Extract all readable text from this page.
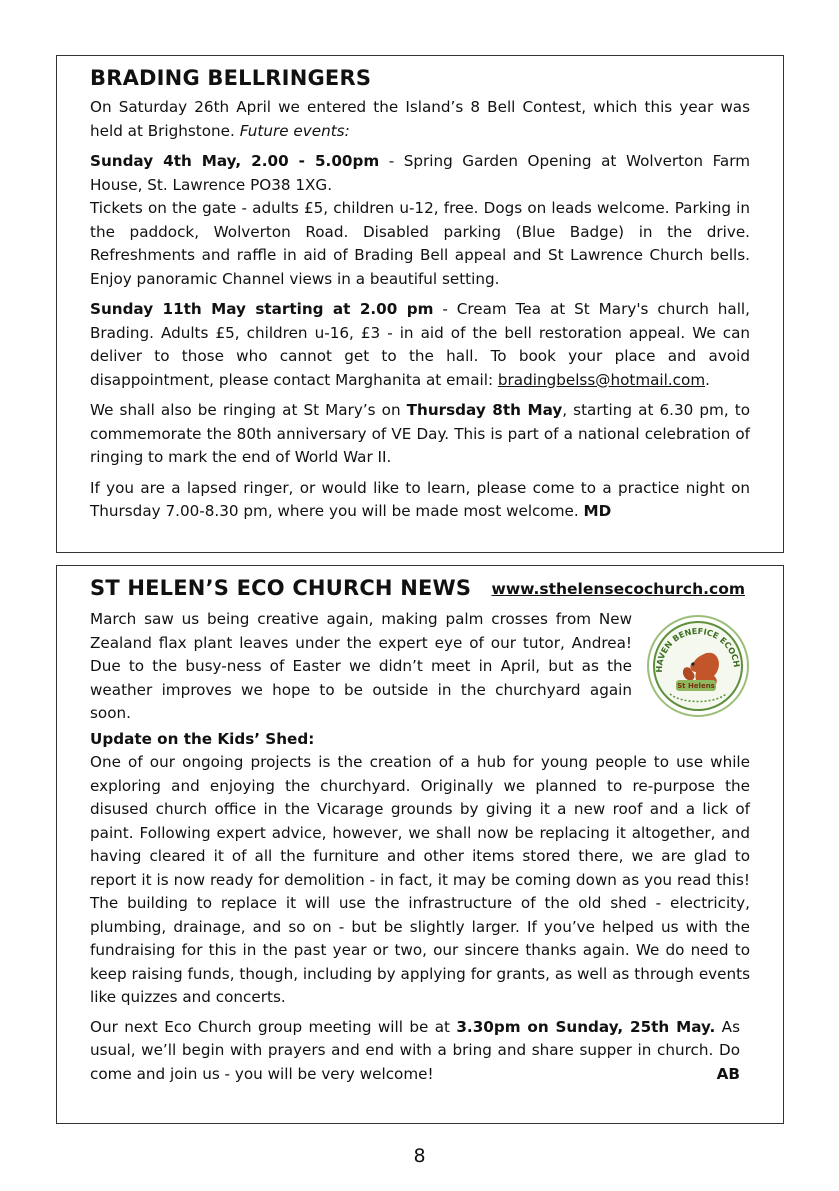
BRADING BELLRINGERS

On Saturday 26th April we entered the Island’s 8 Bell Contest, which this year was held at Brighstone. Future events:

Sunday 4th May, 2.00 - 5.00pm - Spring Garden Opening at Wolverton Farm House, St. Lawrence PO38 1XG.

Tickets on the gate - adults £5, children u-12, free. Dogs on leads welcome. Parking in the paddock, Wolverton Road. Disabled parking (Blue Badge) in the drive. Refreshments and raffle in aid of Brading Bell appeal and St Lawrence Church bells. Enjoy panoramic Channel views in a beautiful setting.

Sunday 11th May starting at 2.00 pm - Cream Tea at St Mary's church hall, Brading. Adults £5, children u-16, £3 - in aid of the bell restoration appeal. We can deliver to those who cannot get to the hall. To book your place and avoid disappointment, please contact Marghanita at email: bradingbelss@hotmail.com.

We shall also be ringing at St Mary’s on Thursday 8th May, starting at 6.30 pm, to commemorate the 80th anniversary of VE Day. This is part of a national celebration of ringing to mark the end of World War II.

If you are a lapsed ringer, or would like to learn, please come to a practice night on Thursday 7.00-8.30 pm, where you will be made most welcome. MD

ST HELEN’S ECO CHURCH NEWS www.sthelensecochurch.com
HAVEN BENEFICE ECOCH
St Helens

March saw us being creative again, making palm crosses from New Zealand flax plant leaves under the expert eye of our tutor, Andrea! Due to the busy-ness of Easter we didn’t meet in April, but as the weather improves we hope to be outside in the churchyard again soon.

Update on the Kids’ Shed:

One of our ongoing projects is the creation of a hub for young people to use while exploring and enjoying the churchyard. Originally we planned to re-purpose the disused church office in the Vicarage grounds by giving it a new roof and a lick of paint. Following expert advice, however, we shall now be replacing it altogether, and having cleared it of all the furniture and other items stored there, we are glad to report it is now ready for demolition - in fact, it may be coming down as you read this! The building to replace it will use the infrastructure of the old shed - electricity, plumbing, drainage, and so on - but be slightly larger. If you’ve helped us with the fundraising for this in the past year or two, our sincere thanks again. We do need to keep raising funds, though, including by applying for grants, as well as through events like quizzes and concerts.

Our next Eco Church group meeting will be at 3.30pm on Sunday, 25th May. As usual, we’ll begin with prayers and end with a bring and share supper in church. Do come and join us - you will be very welcome!	AB

8
